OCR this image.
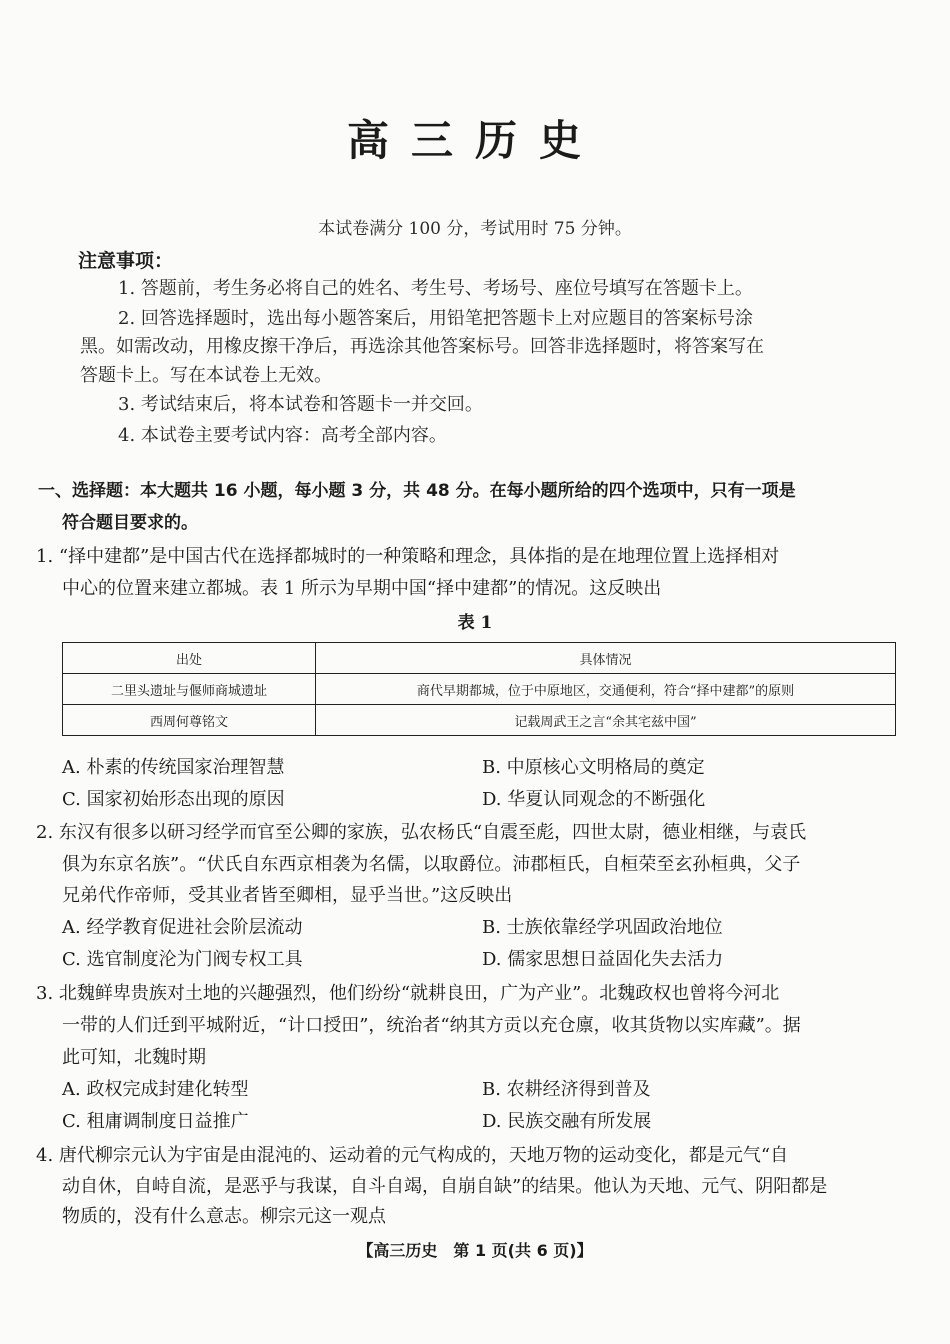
高三历史
本试卷满分 100 分，考试用时 75 分钟。
注意事项：
1. 答题前，考生务必将自己的姓名、考生号、考场号、座位号填写在答题卡上。
2. 回答选择题时，选出每小题答案后，用铅笔把答题卡上对应题目的答案标号涂
黑。如需改动，用橡皮擦干净后，再选涂其他答案标号。回答非选择题时，将答案写在
答题卡上。写在本试卷上无效。
3. 考试结束后，将本试卷和答题卡一并交回。
4. 本试卷主要考试内容：高考全部内容。
一、选择题：本大题共 16 小题，每小题 3 分，共 48 分。在每小题所给的四个选项中，只有一项是
符合题目要求的。
1. “择中建都”是中国古代在选择都城时的一种策略和理念，具体指的是在地理位置上选择相对
中心的位置来建立都城。表 1 所示为早期中国“择中建都”的情况。这反映出
表 1
出处	具体情况
二里头遗址与偃师商城遗址	商代早期都城，位于中原地区，交通便利，符合“择中建都”的原则
西周何尊铭文	记载周武王之言“余其宅兹中国”
A. 朴素的传统国家治理智慧	B. 中原核心文明格局的奠定
C. 国家初始形态出现的原因	D. 华夏认同观念的不断强化
2. 东汉有很多以研习经学而官至公卿的家族，弘农杨氏“自震至彪，四世太尉，德业相继，与袁氏
俱为东京名族”。“伏氏自东西京相袭为名儒，以取爵位。沛郡桓氏，自桓荣至玄孙桓典，父子
兄弟代作帝师，受其业者皆至卿相，显乎当世。”这反映出
A. 经学教育促进社会阶层流动	B. 士族依靠经学巩固政治地位
C. 选官制度沦为门阀专权工具	D. 儒家思想日益固化失去活力
3. 北魏鲜卑贵族对土地的兴趣强烈，他们纷纷“就耕良田，广为产业”。北魏政权也曾将今河北
一带的人们迁到平城附近，“计口授田”，统治者“纳其方贡以充仓廪，收其货物以实库藏”。据
此可知，北魏时期
A. 政权完成封建化转型	B. 农耕经济得到普及
C. 租庸调制度日益推广	D. 民族交融有所发展
4. 唐代柳宗元认为宇宙是由混沌的、运动着的元气构成的，天地万物的运动变化，都是元气“自
动自休，自峙自流，是恶乎与我谋，自斗自竭，自崩自缺”的结果。他认为天地、元气、阴阳都是
物质的，没有什么意志。柳宗元这一观点
【高三历史　第 1 页(共 6 页)】
